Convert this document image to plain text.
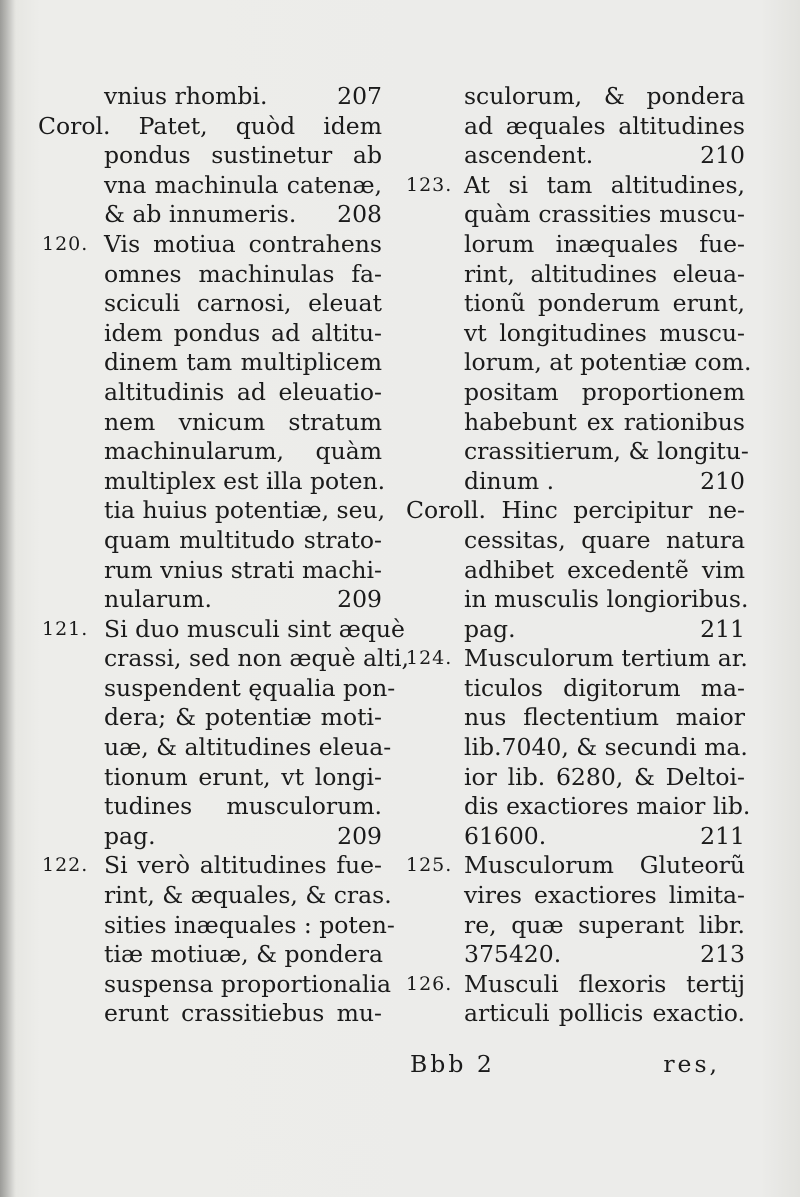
vnius rhombi.	207
Corol. Patet, quòd idem
pondus sustinetur ab
vna machinula catenæ,
& ab innumeris. 208
120. Vis motiua contrahens
omnes machinulas fa-
sciculi carnosi, eleuat
idem pondus ad altitu-
dinem tam multiplicem
altitudinis ad eleuatio-
nem vnicum stratum
machinularum, quàm
multiplex est illa poten.
tia huius potentiæ, seu,
quam multitudo strato-
rum vnius strati machi-
nularum.	209
121. Si duo musculi sint æquè
crassi, sed non æquè alti,
suspendent ęqualia pon-
dera; & potentiæ moti-
uæ, & altitudines eleua-
tionum erunt, vt longi-
tudines musculorum.
pag.	209
122. Si verò altitudines fue-
rint, & æquales, & cras.
sities inæquales : poten-
tiæ motiuæ, & pondera
suspensa proportionalia
erunt crassitiebus mu-
sculorum, & pondera
ad æquales altitudines
ascendent.	210
123. At si tam altitudines,
quàm crassities muscu-
lorum inæquales fue-
rint, altitudines eleua-
tionũ ponderum erunt,
vt longitudines muscu-
lorum, at potentiæ com.
positam proportionem
habebunt ex rationibus
crassitierum, & longitu-
dinum .	210
Coroll. Hinc percipitur ne-
cessitas, quare natura
adhibet excedentẽ vim
in musculis longioribus.
pag.	211
124. Musculorum tertium ar.
ticulos digitorum ma-
nus flectentium maior
lib.7040, & secundi ma.
ior lib. 6280, & Deltoi-
dis exactiores maior lib.
61600.	211
125. Musculorum Gluteorũ
vires exactiores limita-
re, quæ superant libr.
375420.	213
126. Musculi flexoris tertij
articuli pollicis exactio.
Bbb 2	res,
